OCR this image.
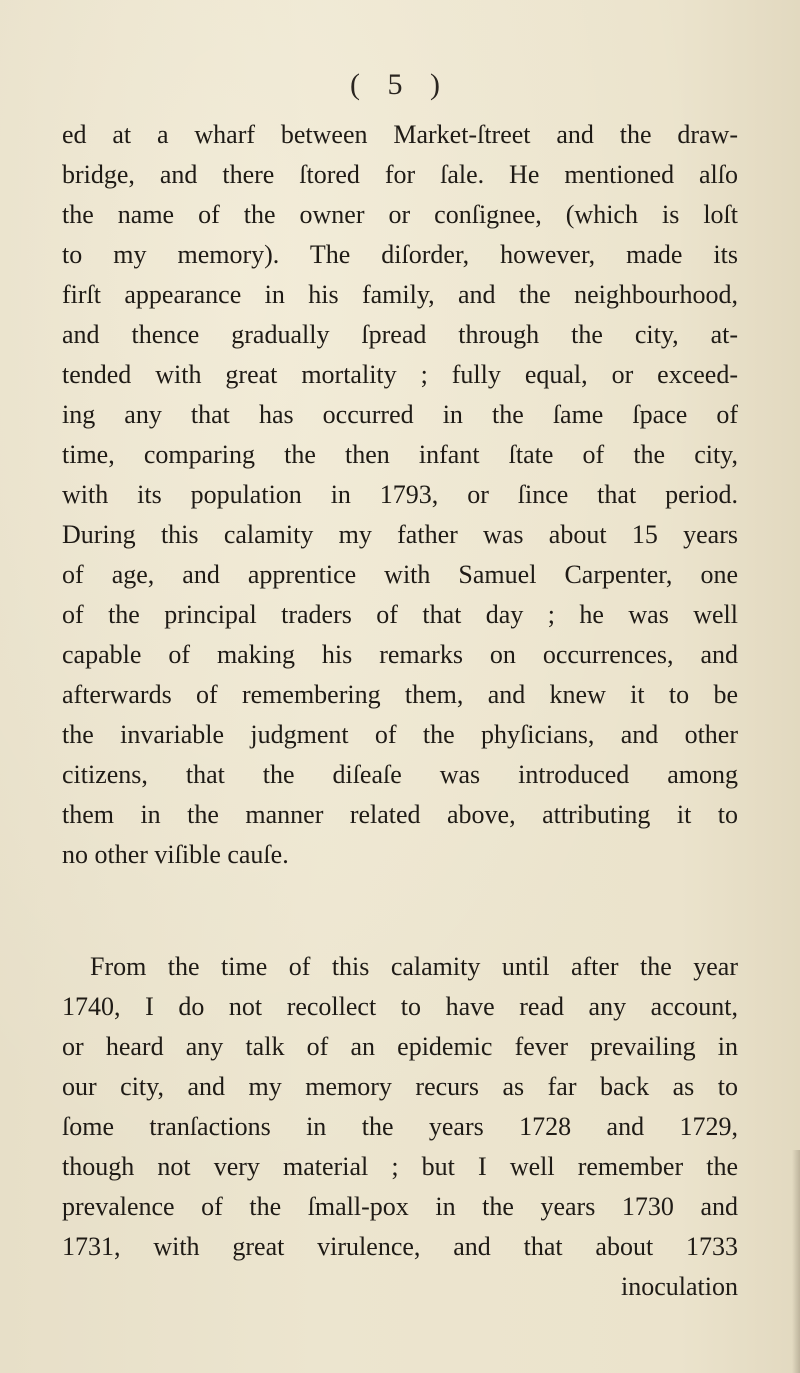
( 5 )
ed at a wharf between Market-ſtreet and the draw-
bridge, and there ſtored for ſale. He mentioned alſo
the name of the owner or conſignee, (which is loſt
to my memory). The diſorder, however, made its
firſt appearance in his family, and the neighbourhood,
and thence gradually ſpread through the city, at-
tended with great mortality ; fully equal, or exceed-
ing any that has occurred in the ſame ſpace of
time, comparing the then infant ſtate of the city,
with its population in 1793, or ſince that period.
During this calamity my father was about 15 years
of age, and apprentice with Samuel Carpenter, one
of the principal traders of that day ; he was well
capable of making his remarks on occurrences, and
afterwards of remembering them, and knew it to be
the invariable judgment of the phyſicians, and other
citizens, that the diſeaſe was introduced among
them in the manner related above, attributing it to
no other viſible cauſe.
From the time of this calamity until after the year
1740, I do not recollect to have read any account,
or heard any talk of an epidemic fever prevailing in
our city, and my memory recurs as far back as to
ſome tranſactions in the years 1728 and 1729,
though not very material ; but I well remember the
prevalence of the ſmall-pox in the years 1730 and
1731, with great virulence, and that about 1733
inoculation
